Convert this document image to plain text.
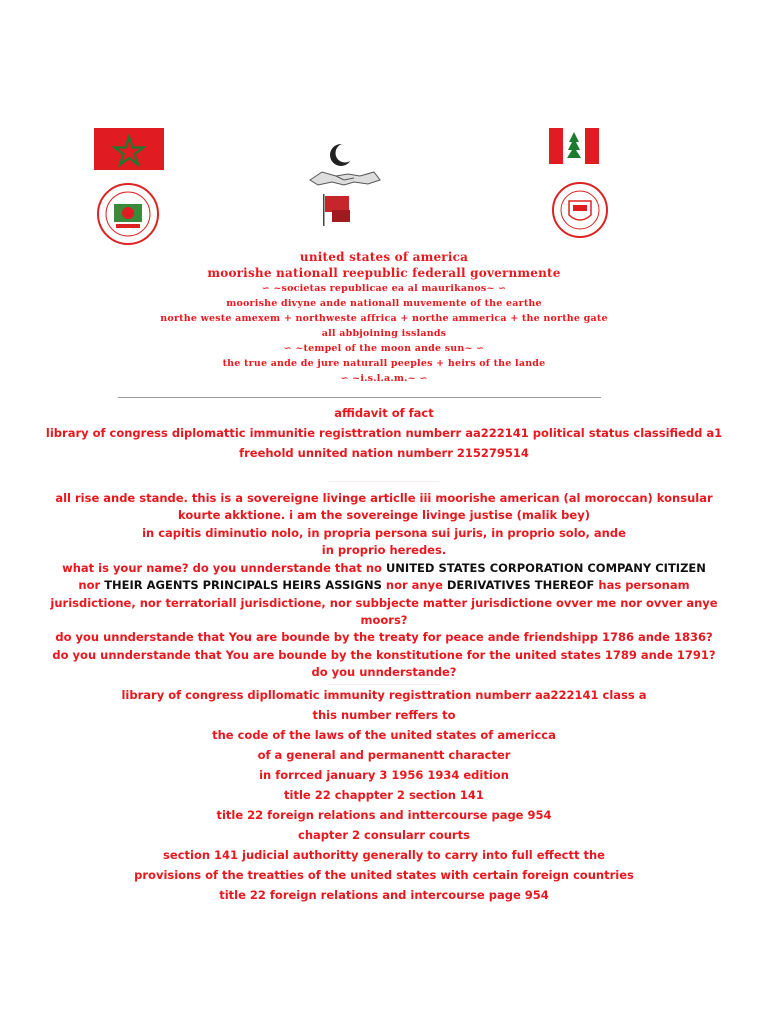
united states of america
moorishe nationall reepublic federall governmente
∽ ~societas republicae ea al maurikanos~ ∽
moorishe divyne ande nationall muvemente of the earthe
northe weste amexem + northweste affrica + northe ammerica + the northe gate
all abbjoining isslands
∽ ~tempel of the moon ande sun~ ∽
the true ande de jure naturall peeples + heirs of the lande
∽ ~i.s.l.a.m.~ ∽
affidavit of fact
library of congress diplomattic immunitie registtration numberr aa222141 political status classifiedd a1
freehold unnited nation numberr 215279514
…………………………………………………………………………………………………
all rise ande stande. this is a sovereigne livinge articlle iii moorishe american (al moroccan) konsular
kourte akktione. i am the sovereinge livinge justise (malik bey)
in capitis diminutio nolo, in propria persona sui juris, in proprio solo, ande
in proprio heredes.
what is your name? do you unnderstande that no UNITED STATES CORPORATION COMPANY CITIZEN
nor THEIR AGENTS PRINCIPALS HEIRS ASSIGNS nor anye DERIVATIVES THEREOF has personam
jurisdictione, nor terratoriall jurisdictione, nor subbjecte matter jurisdictione ovver me nor ovver anye
moors?
do you unnderstande that You are bounde by the treaty for peace ande friendshipp 1786 ande 1836?
do you unnderstande that You are bounde by the konstitutione for the united states 1789 ande 1791?
do you unnderstande?
…………………………………………………………………………………………………
library of congress dipllomatic immunity registtration numberr aa222141 class a
this number reffers to
the code of the laws of the united states of americca
of a general and permanentt character
in forrced january 3 1956 1934 edition
title 22 chappter 2 section 141
title 22 foreign relations and inttercourse page 954
chapter 2 consularr courts
section 141 judicial authoritty generally to carry into full effectt the
provisions of the treatties of the united states with certain foreign countries
title 22 foreign relations and intercourse page 954
